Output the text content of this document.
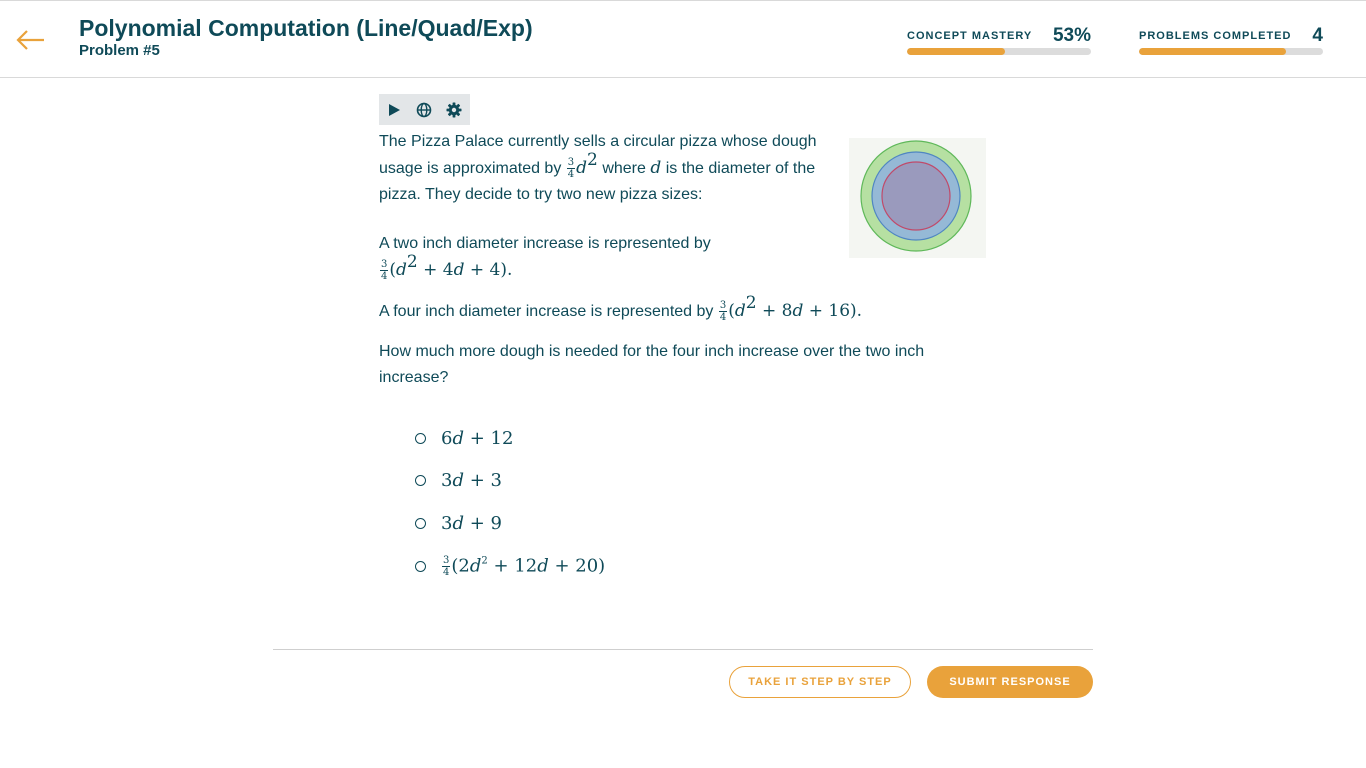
Polynomial Computation (Line/Quad/Exp)
Problem #5
CONCEPT MASTERY 53%	PROBLEMS COMPLETED 4
The Pizza Palace currently sells a circular pizza whose dough usage is approximated by $\frac{3}{4} d^2$ where d is the diameter of the pizza. They decide to try two new pizza sizes:
A two inch diameter increase is represented by

$\frac{3}{4} (d^2 + 4d + 4)$.
A four inch diameter increase is represented by $\frac{3}{4} (d^2 + 8d + 16)$.
How much more dough is needed for the four inch increase over the two inch increase?
6d + 12
3d + 3
3d + 9
$\frac{3}{4} (2d^2 + 12d + 20)$
TAKE IT STEP BY STEP	SUBMIT RESPONSE
